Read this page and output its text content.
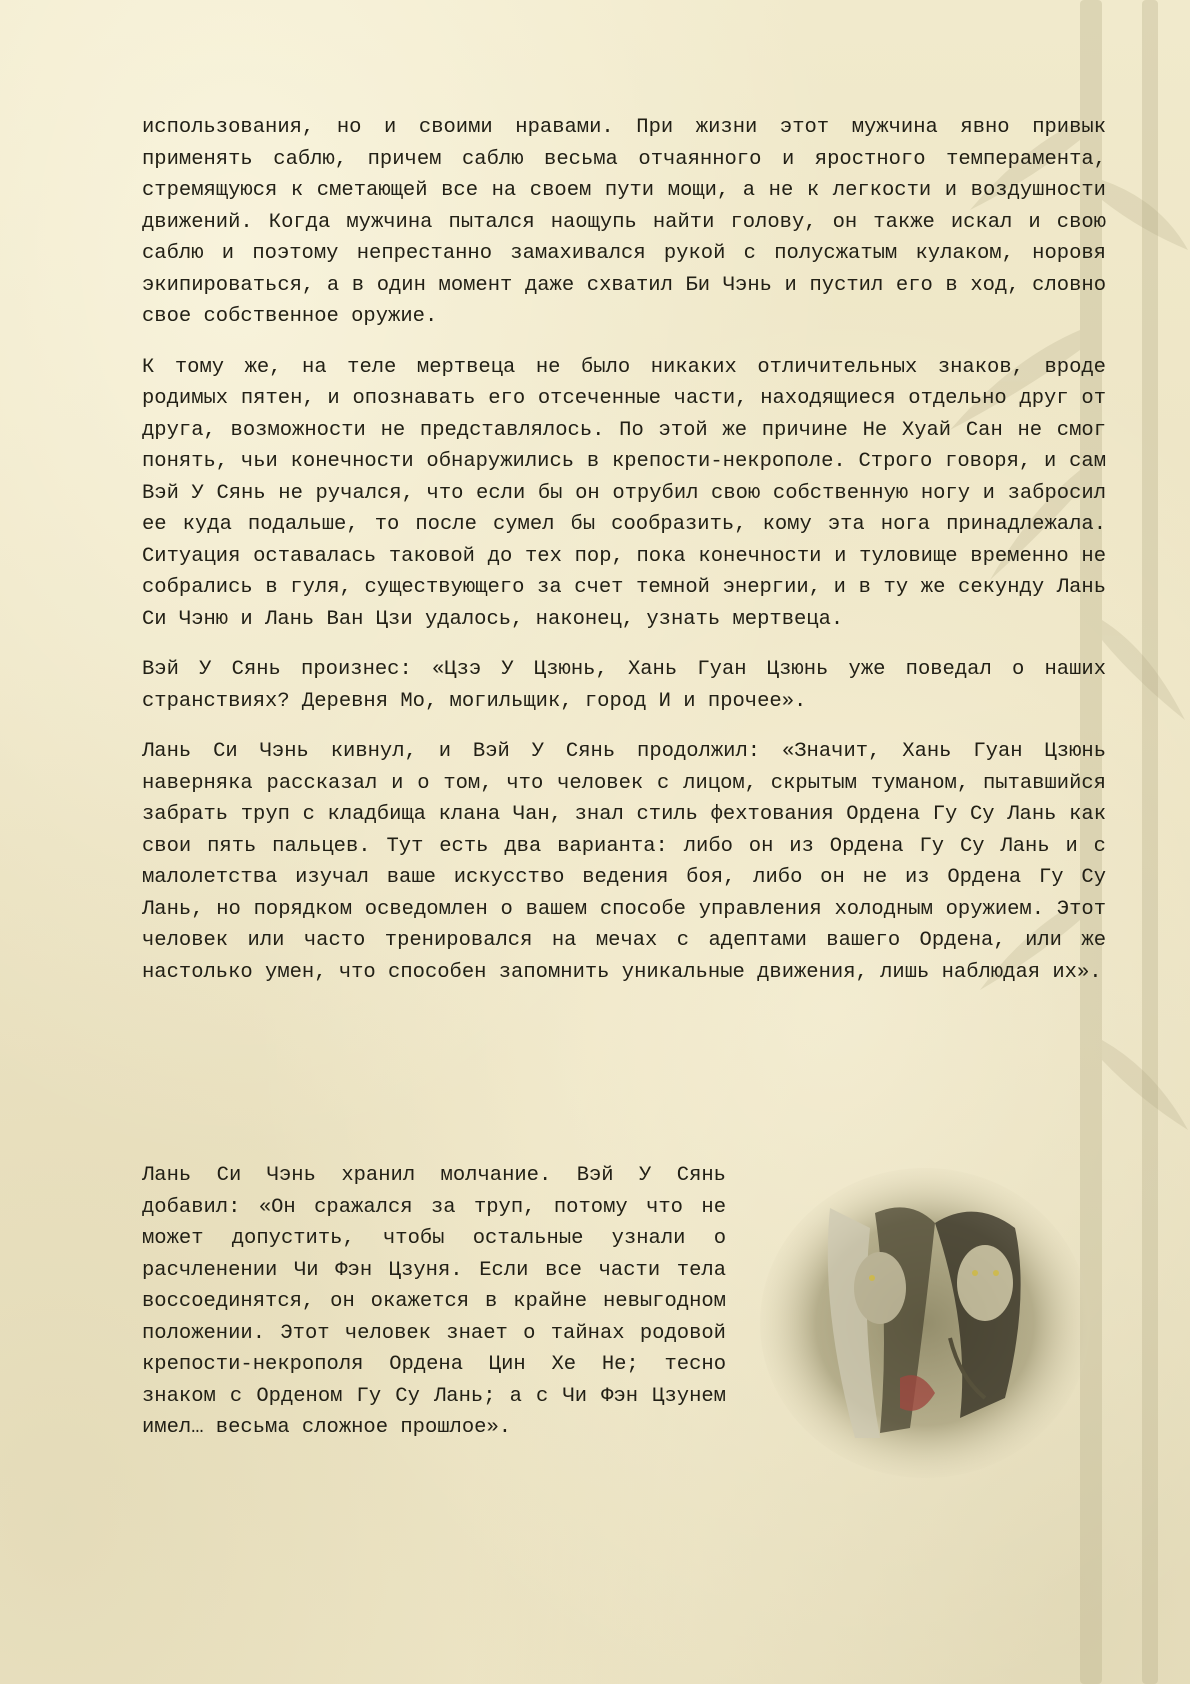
использования, но и своими нравами. При жизни этот мужчина явно привык применять саблю, причем саблю весьма отчаянного и яростного темперамента, стремящуюся к сметающей все на своем пути мощи, а не к легкости и воздушности движений. Когда мужчина пытался наощупь найти голову, он также искал и свою саблю и поэтому непрестанно замахивался рукой с полусжатым кулаком, норовя экипироваться, а в один момент даже схватил Би Чэнь и пустил его в ход, словно свое собственное оружие.

К тому же, на теле мертвеца не было никаких отличительных знаков, вроде родимых пятен, и опознавать его отсеченные части, находящиеся отдельно друг от друга, возможности не представлялось. По этой же причине Не Хуай Сан не смог понять, чьи конечности обнаружились в крепости-некрополе. Строго говоря, и сам Вэй У Сянь не ручался, что если бы он отрубил свою собственную ногу и забросил ее куда подальше, то после сумел бы сообразить, кому эта нога принадлежала. Ситуация оставалась таковой до тех пор, пока конечности и туловище временно не собрались в гуля, существующего за счет темной энергии, и в ту же секунду Лань Си Чэню и Лань Ван Цзи удалось, наконец, узнать мертвеца.

Вэй У Сянь произнес: «Цзэ У Цзюнь, Хань Гуан Цзюнь уже поведал о наших странствиях? Деревня Мо, могильщик, город И и прочее».

Лань Си Чэнь кивнул, и Вэй У Сянь продолжил: «Значит, Хань Гуан Цзюнь наверняка рассказал и о том, что человек с лицом, скрытым туманом, пытавшийся забрать труп с кладбища клана Чан, знал стиль фехтования Ордена Гу Су Лань как свои пять пальцев. Тут есть два варианта: либо он из Ордена Гу Су Лань и с малолетства изучал ваше искусство ведения боя, либо он не из Ордена Гу Су Лань, но порядком осведомлен о вашем способе управления холодным оружием. Этот человек или часто тренировался на мечах с адептами вашего Ордена, или же настолько умен, что способен запомнить уникальные движения, лишь наблюдая их».

Лань Си Чэнь хранил молчание. Вэй У Сянь добавил: «Он сражался за труп, потому что не может допустить, чтобы остальные узнали о расчленении Чи Фэн Цзуня. Если все части тела воссоединятся, он окажется в крайне невыгодном положении. Этот человек знает о тайнах родовой крепости-некрополя Ордена Цин Хе Не; тесно знаком с Орденом Гу Су Лань; а с Чи Фэн Цзунем имел… весьма сложное прошлое».
